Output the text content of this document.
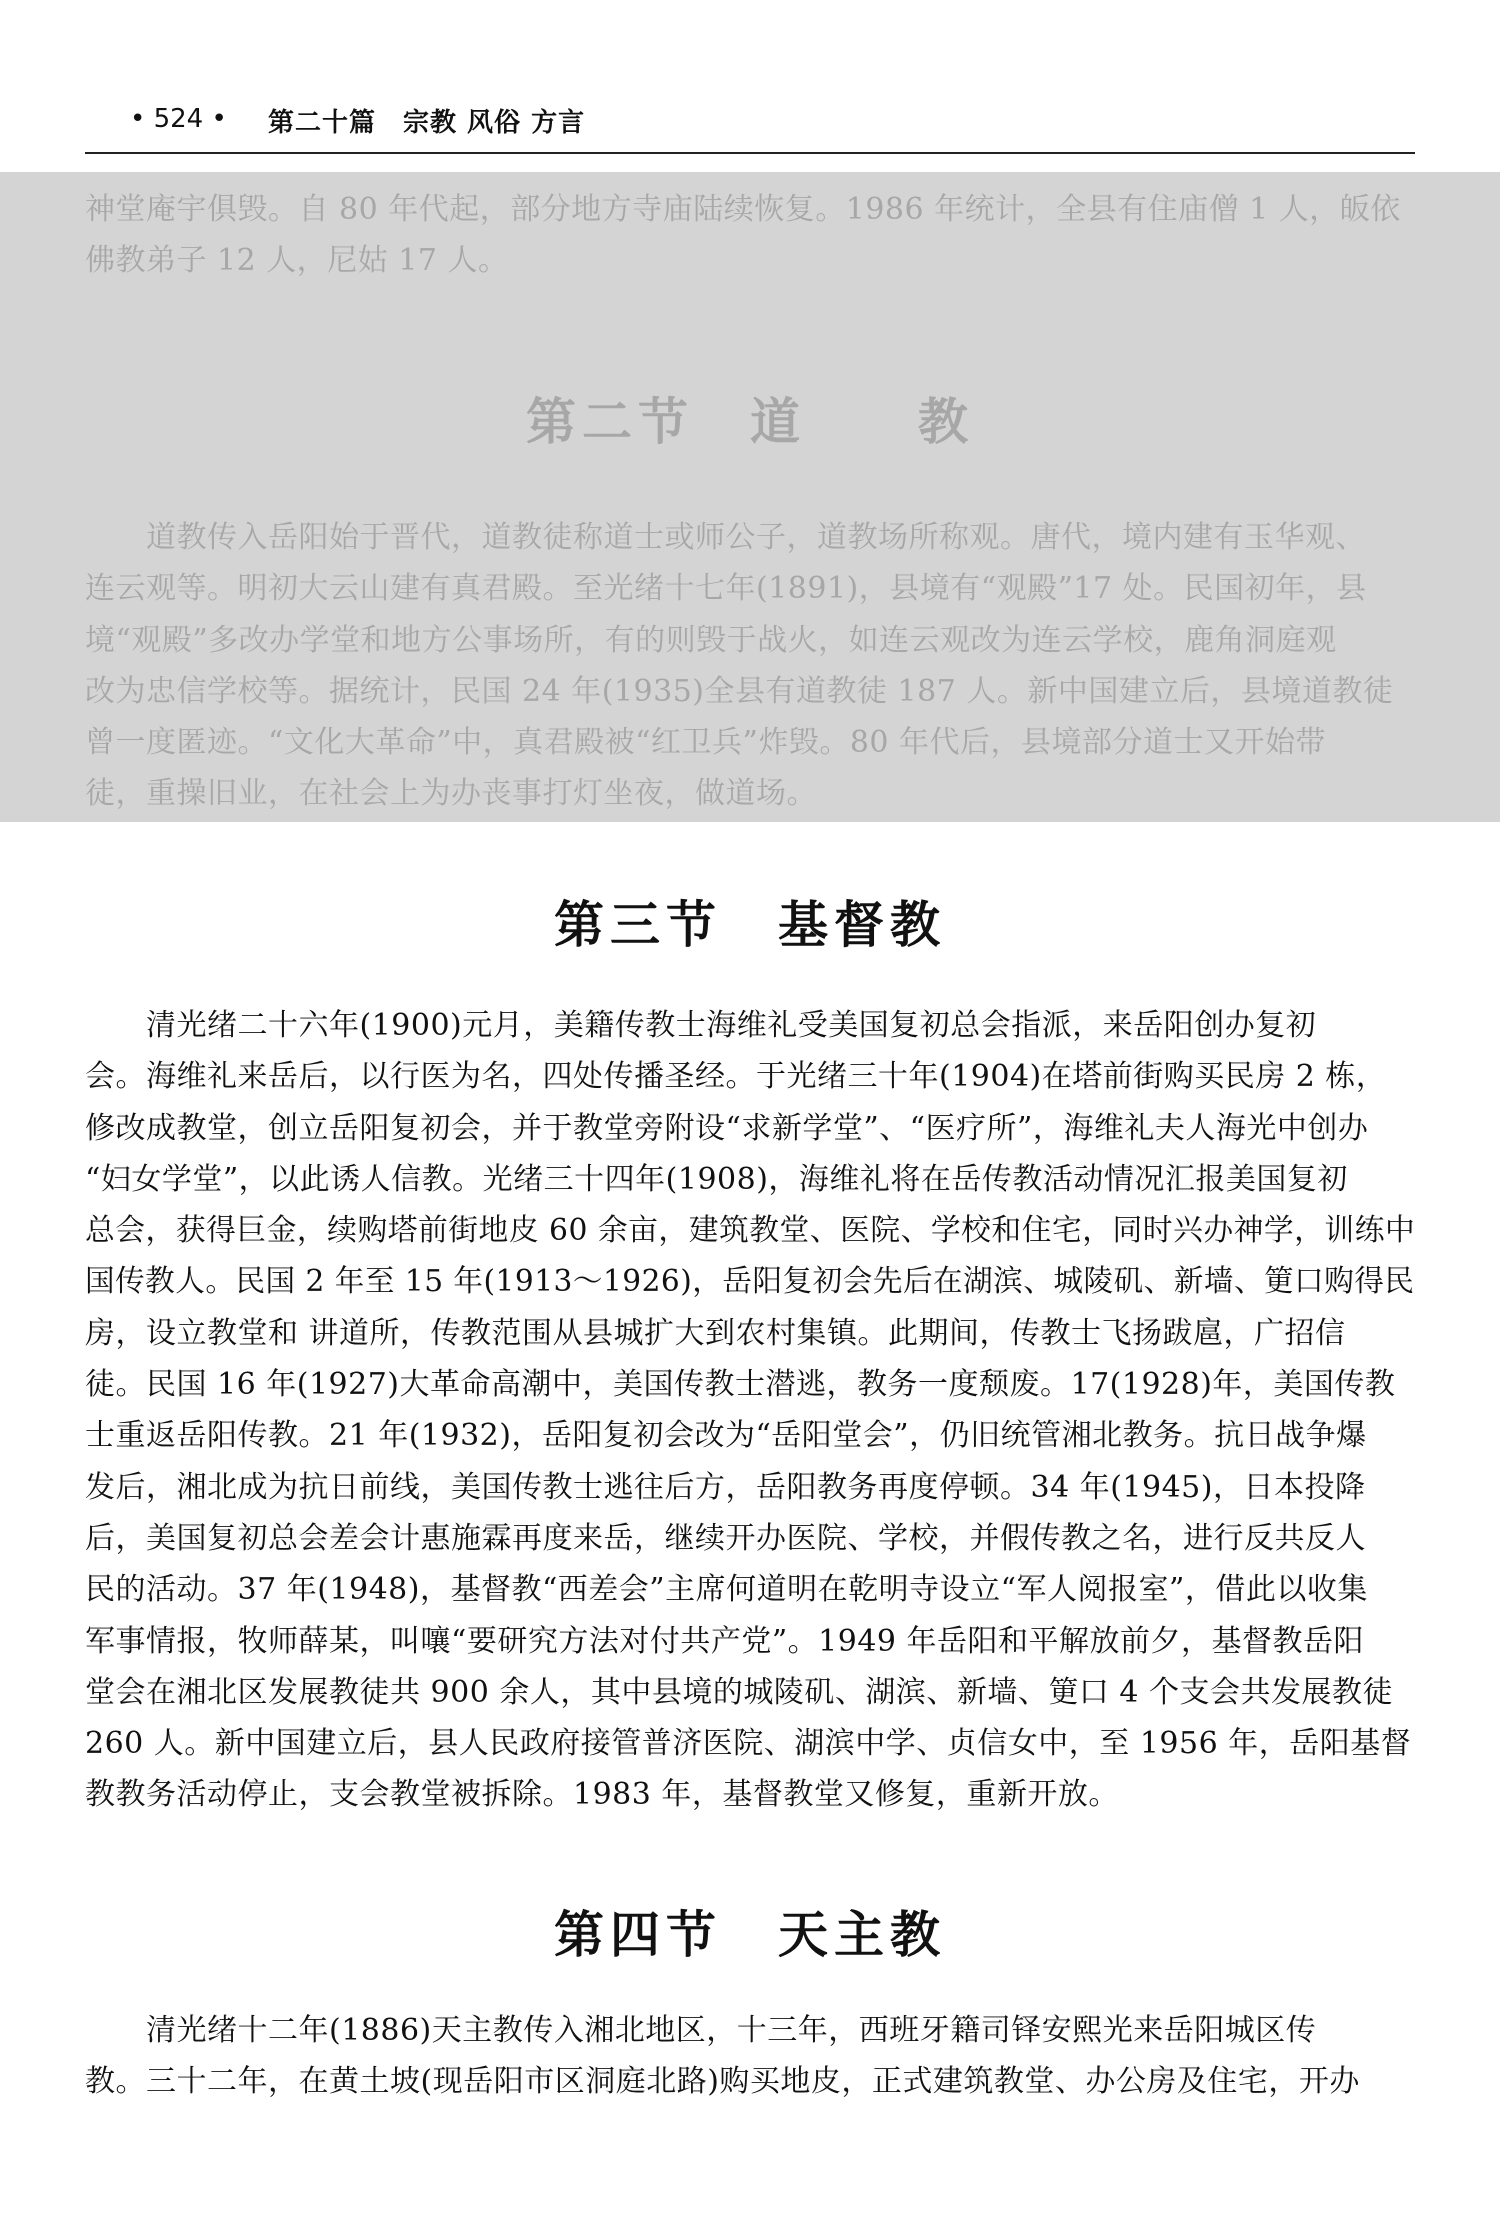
• 524 • 第二十篇　宗教 风俗 方言

神堂庵宇俱毁。自 80 年代起，部分地方寺庙陆续恢复。1986 年统计，全县有住庙僧 1 人，皈依
佛教弟子 12 人，尼姑 17 人。

第二节　道　　教

　　道教传入岳阳始于晋代，道教徒称道士或师公子，道教场所称观。唐代，境内建有玉华观、
连云观等。明初大云山建有真君殿。至光绪十七年(1891)，县境有“观殿”17 处。民国初年，县
境“观殿”多改办学堂和地方公事场所，有的则毁于战火，如连云观改为连云学校，鹿角洞庭观
改为忠信学校等。据统计，民国 24 年(1935)全县有道教徒 187 人。新中国建立后，县境道教徒
曾一度匿迹。“文化大革命”中，真君殿被“红卫兵”炸毁。80 年代后，县境部分道士又开始带
徒，重操旧业，在社会上为办丧事打灯坐夜，做道场。

第三节　基督教

　　清光绪二十六年(1900)元月，美籍传教士海维礼受美国复初总会指派，来岳阳创办复初
会。海维礼来岳后，以行医为名，四处传播圣经。于光绪三十年(1904)在塔前街购买民房 2 栋，
修改成教堂，创立岳阳复初会，并于教堂旁附设“求新学堂”、“医疗所”，海维礼夫人海光中创办
“妇女学堂”，以此诱人信教。光绪三十四年(1908)，海维礼将在岳传教活动情况汇报美国复初
总会，获得巨金，续购塔前街地皮 60 余亩，建筑教堂、医院、学校和住宅，同时兴办神学，训练中
国传教人。民国 2 年至 15 年(1913～1926)，岳阳复初会先后在湖滨、城陵矶、新墙、筻口购得民
房，设立教堂和 讲道所，传教范围从县城扩大到农村集镇。此期间，传教士飞扬跋扈，广招信
徒。民国 16 年(1927)大革命高潮中，美国传教士潜逃，教务一度颓废。17(1928)年，美国传教
士重返岳阳传教。21 年(1932)，岳阳复初会改为“岳阳堂会”，仍旧统管湘北教务。抗日战争爆
发后，湘北成为抗日前线，美国传教士逃往后方，岳阳教务再度停顿。34 年(1945)，日本投降
后，美国复初总会差会计惠施霖再度来岳，继续开办医院、学校，并假传教之名，进行反共反人
民的活动。37 年(1948)，基督教“西差会”主席何道明在乾明寺设立“军人阅报室”，借此以收集
军事情报，牧师薛某，叫嚷“要研究方法对付共产党”。1949 年岳阳和平解放前夕，基督教岳阳
堂会在湘北区发展教徒共 900 余人，其中县境的城陵矶、湖滨、新墙、筻口 4 个支会共发展教徒
260 人。新中国建立后，县人民政府接管普济医院、湖滨中学、贞信女中，至 1956 年，岳阳基督
教教务活动停止，支会教堂被拆除。1983 年，基督教堂又修复，重新开放。

第四节　天主教

　　清光绪十二年(1886)天主教传入湘北地区，十三年，西班牙籍司铎安熙光来岳阳城区传
教。三十二年，在黄土坡(现岳阳市区洞庭北路)购买地皮，正式建筑教堂、办公房及住宅，开办
